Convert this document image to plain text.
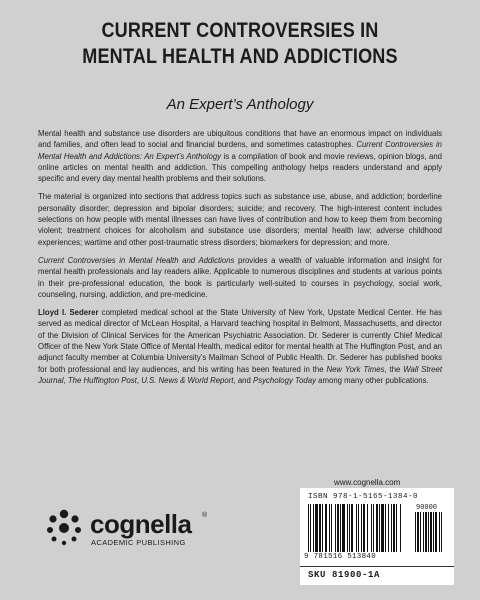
CURRENT CONTROVERSIES IN
MENTAL HEALTH AND ADDICTIONS
An Expert’s Anthology

Mental health and substance use disorders are ubiquitous conditions that have an enormous impact on individuals and families, and often lead to social and financial burdens, and sometimes catastrophes. Current Controversies in Mental Health and Addictions: An Expert’s Anthology is a compilation of book and movie reviews, opinion blogs, and online articles on mental health and addiction. This compelling anthology helps readers understand and apply specific and every day mental health problems and their solutions.

The material is organized into sections that address topics such as substance use, abuse, and addiction; borderline personality disorder; depression and bipolar disorders; suicide; and recovery. The high-interest content includes selections on how people with mental illnesses can have lives of contribution and how to keep them from becoming violent; treatment choices for alcoholism and substance use disorders; mental health law; adverse childhood experiences; wartime and other post-traumatic stress disorders; biomarkers for depression; and more.

Current Controversies in Mental Health and Addictions provides a wealth of valuable information and insight for mental health professionals and lay readers alike. Applicable to numerous disciplines and students at various points in their pre-professional education, the book is particularly well-suited to courses in psychology, social work, counseling, nursing, addiction, and pre-medicine.

Lloyd I. Sederer completed medical school at the State University of New York, Upstate Medical Center. He has served as medical director of McLean Hospital, a Harvard teaching hospital in Belmont, Massachusetts, and director of the Division of Clinical Services for the American Psychiatric Association. Dr. Sederer is currently Chief Medical Officer of the New York State Office of Mental Health, medical editor for mental health at The Huffington Post, and an adjunct faculty member at Columbia University’s Mailman School of Public Health. Dr. Sederer has published books for both professional and lay audiences, and his writing has been featured in the New York Times, the Wall Street Journal, The Huffington Post, U.S. News & World Report, and Psychology Today among many other publications.

cognella ®
ACADEMIC PUBLISHING
www.cognella.com
ISBN 978-1-5165-1384-0
90000
9 781516 513840
SKU 81900-1A
